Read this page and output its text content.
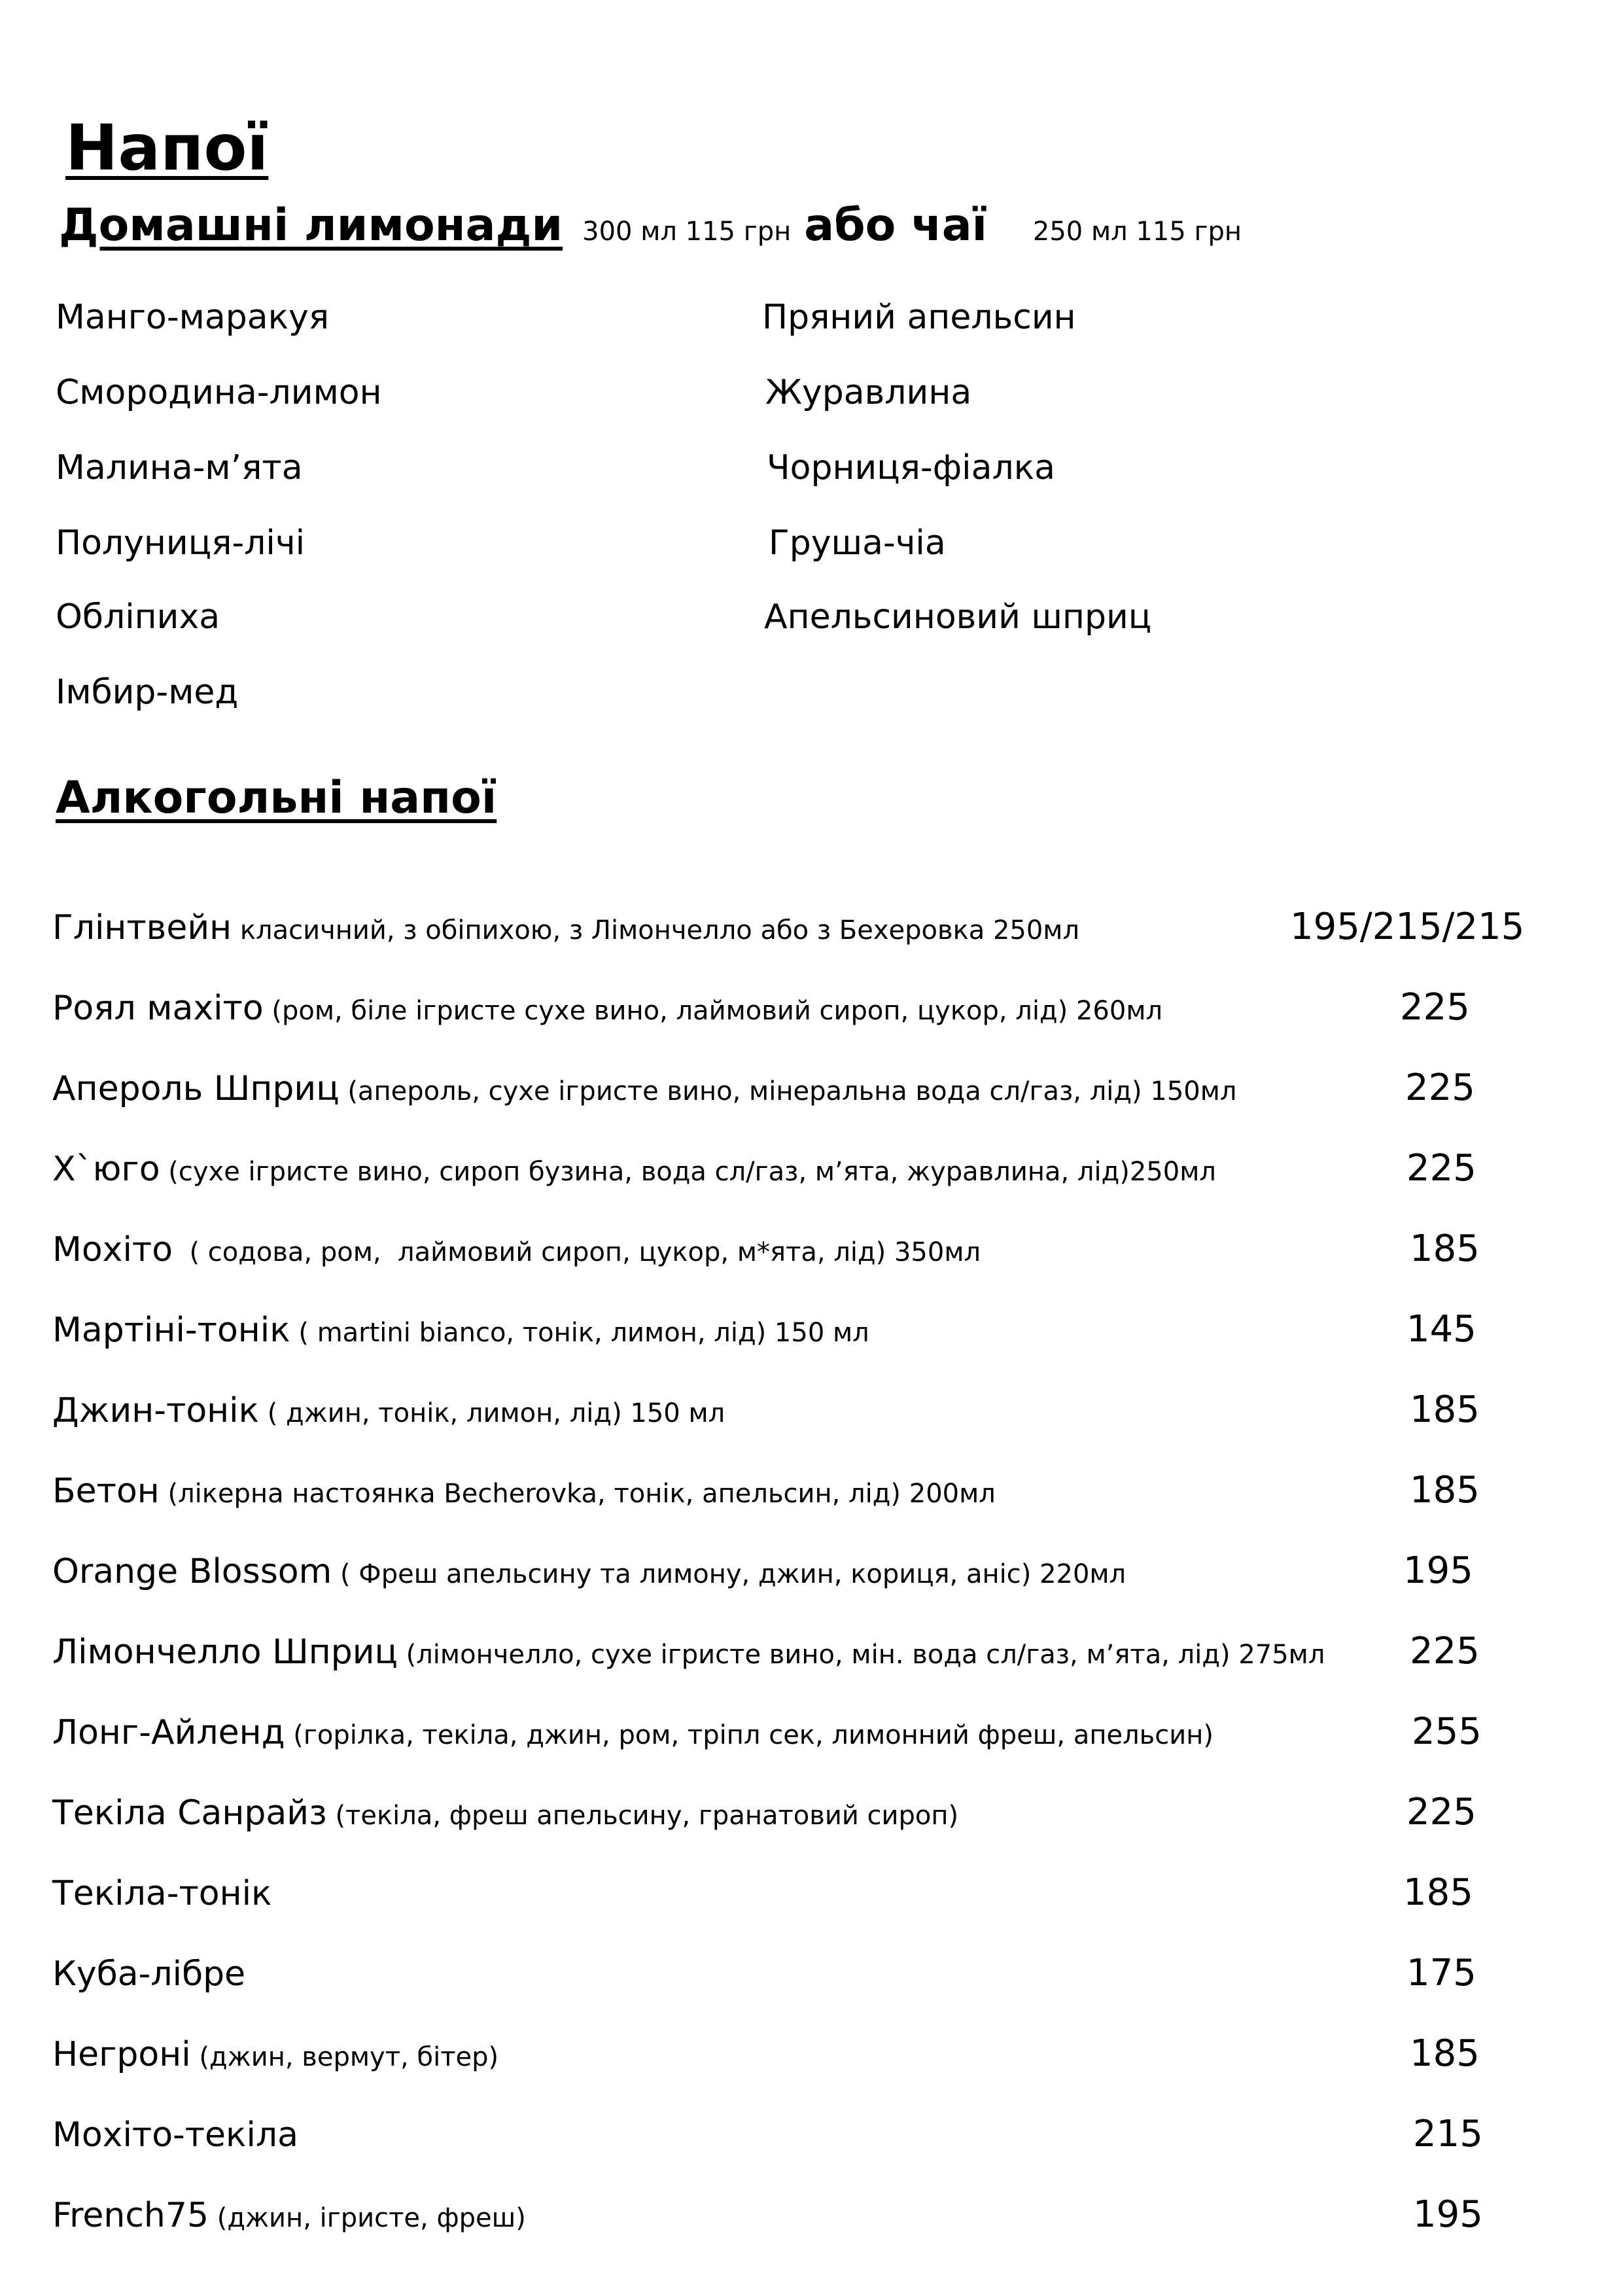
Напої
Домашні лимонади 300 мл 115 грн або чаї 250 мл 115 грн
Манго-маракуя
Смородина-лимон
Малина-м’ята
Полуниця-лічі
Обліпиха
Імбир-мед
Пряний апельсин
Журавлина
Чорниця-фіалка
Груша-чіа
Апельсиновий шприц
Алкогольні напої
Глінтвейн класичний, з обіпихою, з Лімончелло або з Бехеровка 250мл	195/215/215
Роял махіто (ром, біле ігристе сухе вино, лаймовий сироп, цукор, лід) 260мл	225
Апероль Шприц (апероль, сухе ігристе вино, мінеральна вода сл/газ, лід) 150мл	225
Х`юго (сухе ігристе вино, сироп бузина, вода сл/газ, м’ята, журавлина, лід)250мл	225
Мохіто  ( содова, ром,  лаймовий сироп, цукор, м*ята, лід) 350мл	185
Мартіні-тонік ( martini bianco, тонік, лимон, лід) 150 мл	145
Джин-тонік ( джин, тонік, лимон, лід) 150 мл	185
Бетон (лікерна настоянка Becherovka, тонік, апельсин, лід) 200мл	185
Orange Blossom ( Фреш апельсину та лимону, джин, кориця, аніс) 220мл	195
Лімончелло Шприц (лімончелло, сухе ігристе вино, мін. вода сл/газ, м’ята, лід) 275мл 225
Лонг-Айленд (горілка, текіла, джин, ром, тріпл сек, лимонний фреш, апельсин)	255
Текіла Санрайз (текіла, фреш апельсину, гранатовий сироп)	225
Текіла-тонік	185
Куба-лібре	175
Негроні (джин, вермут, бітер)	185
Мохіто-текіла	215
French75 (джин, ігристе, фреш)	195
